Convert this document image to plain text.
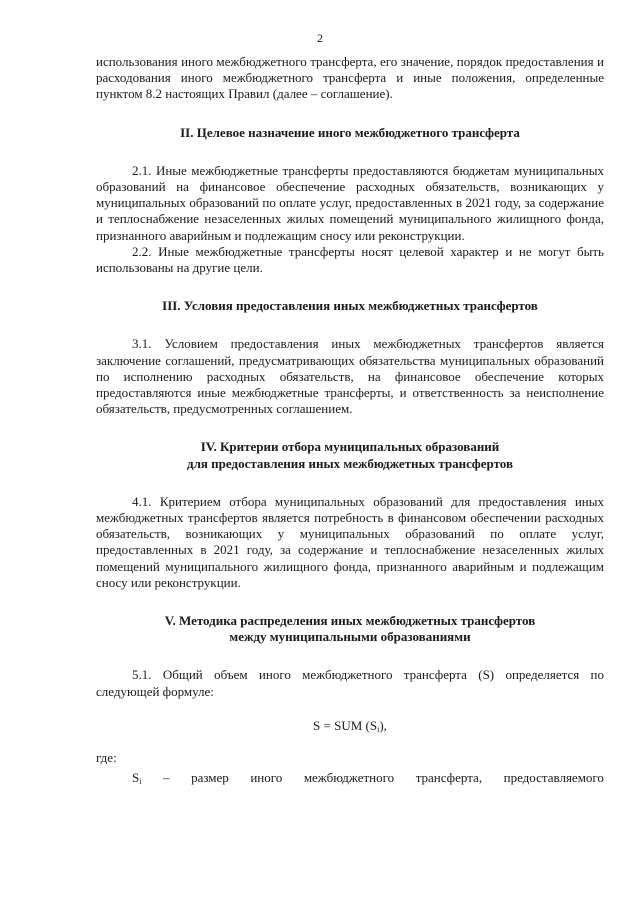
2

использования иного межбюджетного трансферта, его значение, порядок предоставления и расходования иного межбюджетного трансферта и иные положения, определенные пунктом 8.2 настоящих Правил (далее – соглашение).

II. Целевое назначение иного межбюджетного трансферта

2.1. Иные межбюджетные трансферты предоставляются бюджетам муниципальных образований на финансовое обеспечение расходных обязательств, возникающих у муниципальных образований по оплате услуг, предоставленных в 2021 году, за содержание и теплоснабжение незаселенных жилых помещений муниципального жилищного фонда, признанного аварийным и подлежащим сносу или реконструкции.

2.2. Иные межбюджетные трансферты носят целевой характер и не могут быть использованы на другие цели.

III. Условия предоставления иных межбюджетных трансфертов

3.1. Условием предоставления иных межбюджетных трансфертов является заключение соглашений, предусматривающих обязательства муниципальных образований по исполнению расходных обязательств, на финансовое обеспечение которых предоставляются иные межбюджетные трансферты, и ответственность за неисполнение обязательств, предусмотренных соглашением.

IV. Критерии отбора муниципальных образований
для предоставления иных межбюджетных трансфертов

4.1. Критерием отбора муниципальных образований для предоставления иных межбюджетных трансфертов является потребность в финансовом обеспечении расходных обязательств, возникающих у муниципальных образований по оплате услуг, предоставленных в 2021 году, за содержание и теплоснабжение незаселенных жилых помещений муниципального жилищного фонда, признанного аварийным и подлежащим сносу или реконструкции.

V. Методика распределения иных межбюджетных трансфертов
между муниципальными образованиями

5.1. Общий объем иного межбюджетного трансферта (S) определяется по следующей формуле:

S = SUM (Si),

где:

Si – размер иного межбюджетного трансферта, предоставляемого
